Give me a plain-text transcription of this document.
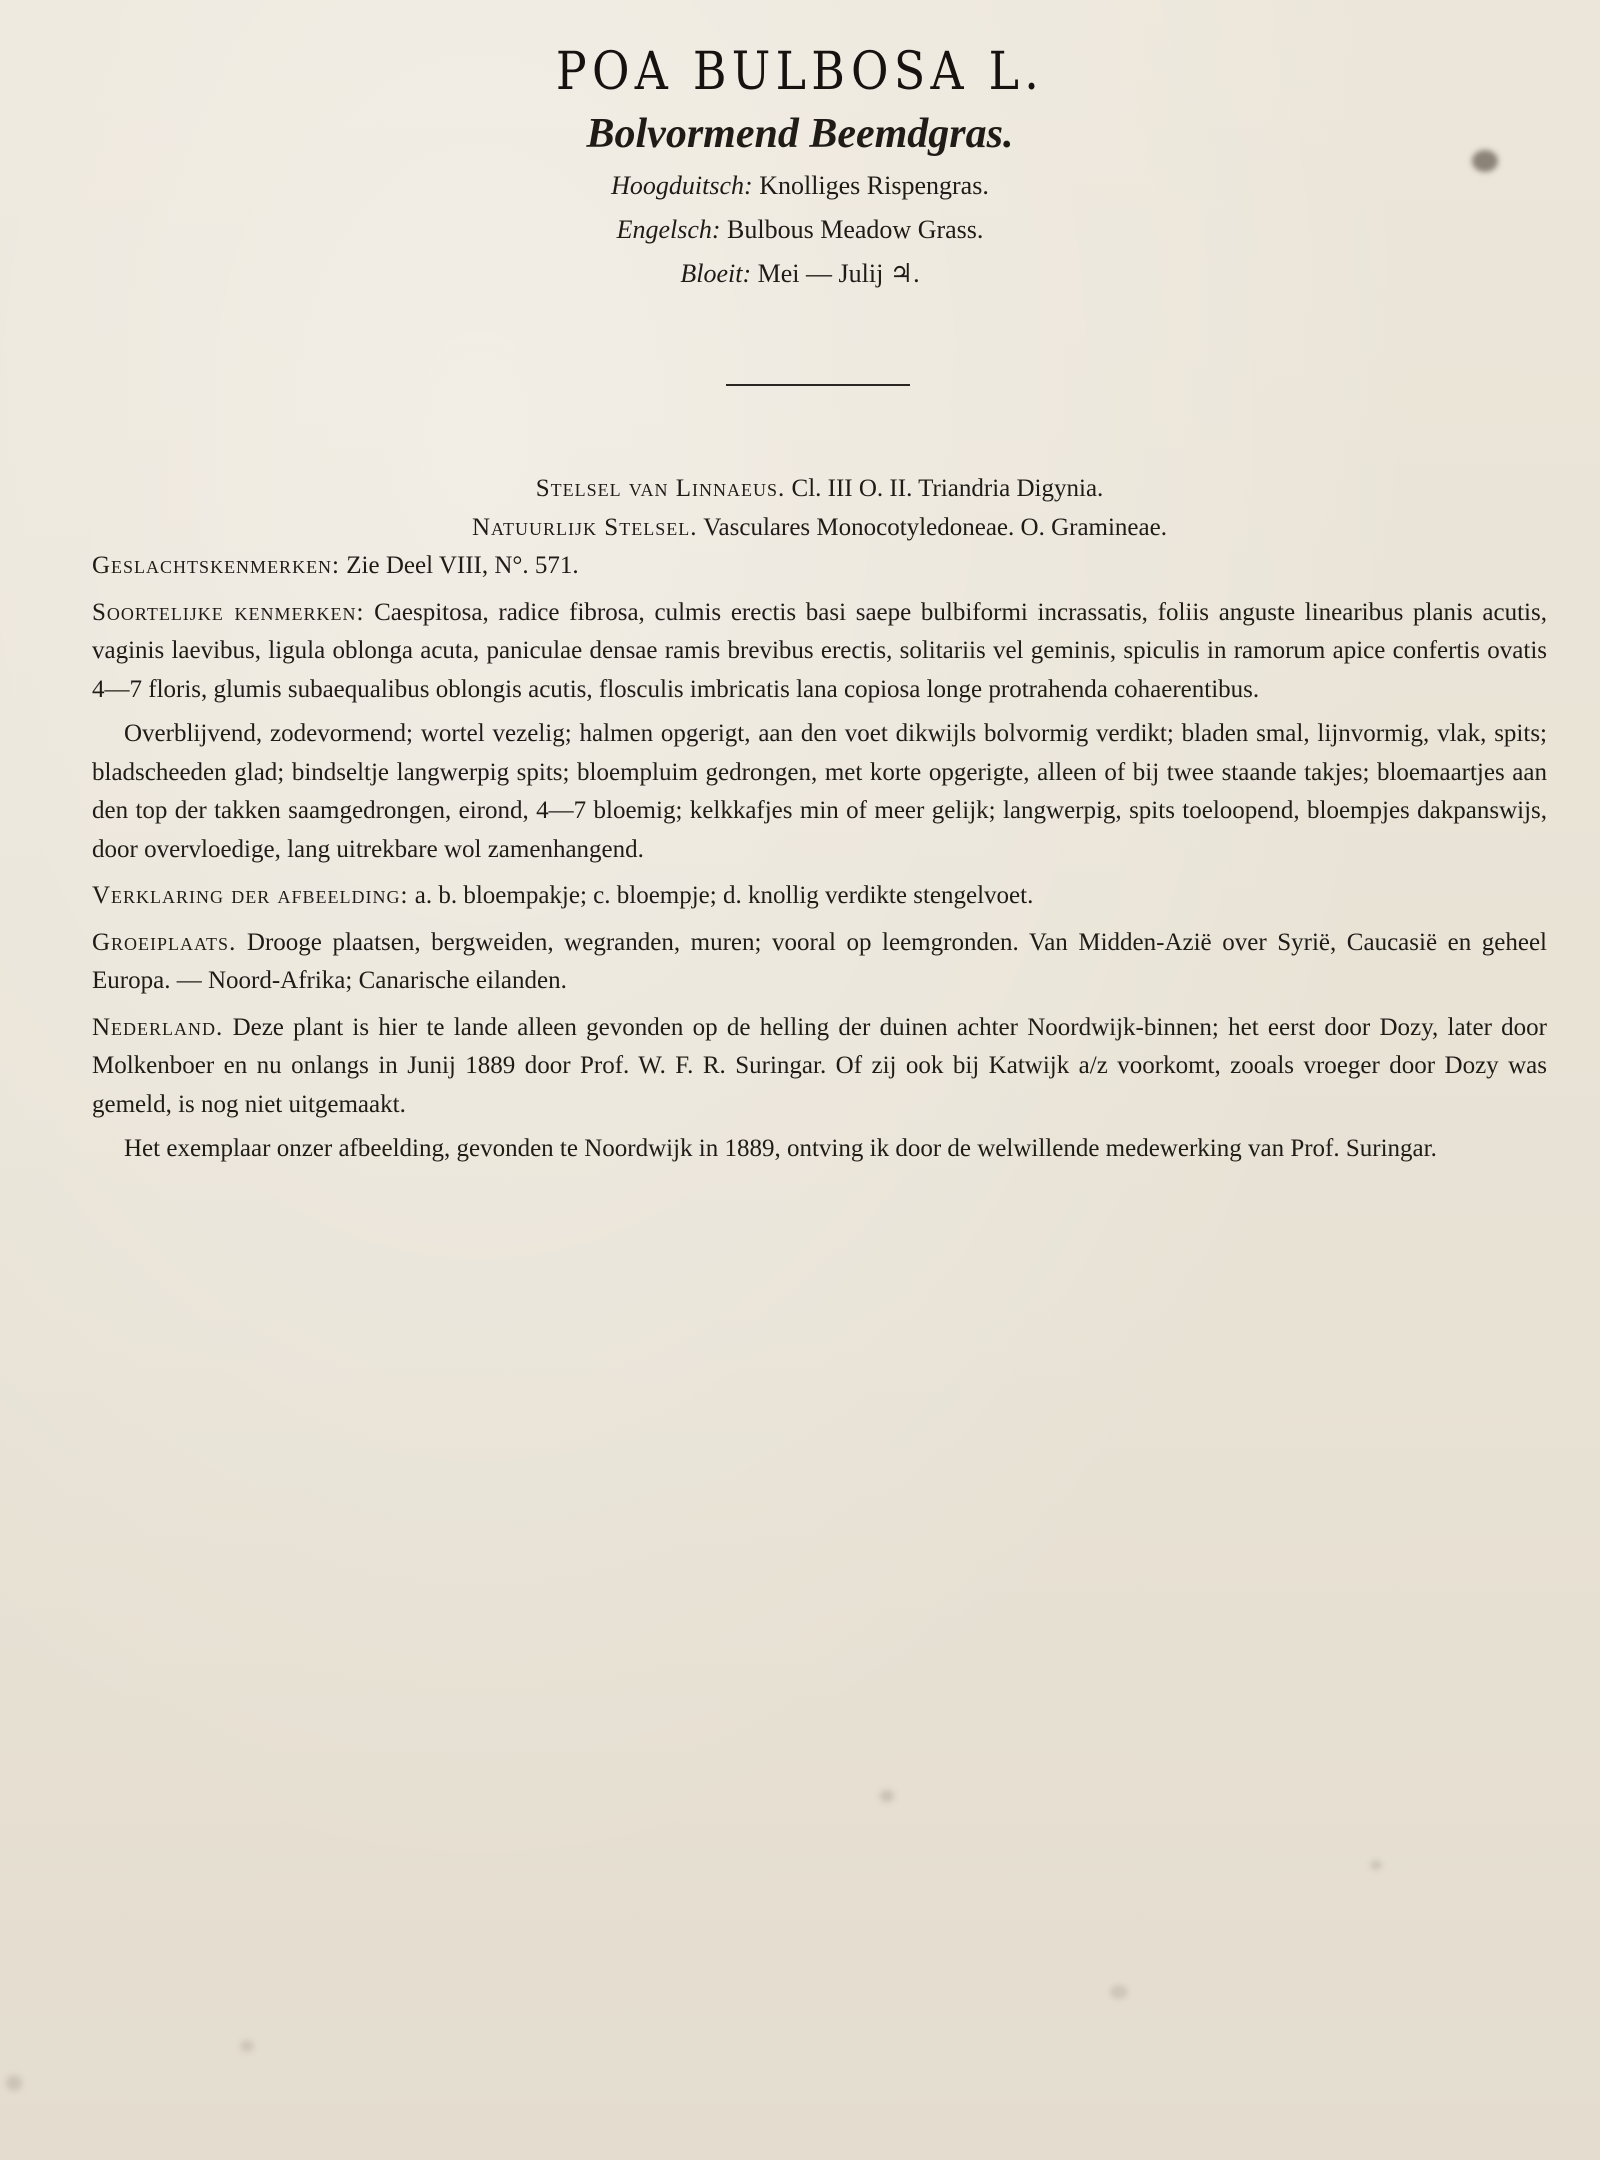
POA BULBOSA L.

Bolvormend Beemdgras.

Hoogduitsch: Knolliges Rispengras.

Engelsch: Bulbous Meadow Grass.

Bloeit: Mei — Julij ♃.

Stelsel van Linnaeus. Cl. III O. II. Triandria Digynia.

Natuurlijk Stelsel. Vasculares Monocotyledoneae. O. Gramineae.

Geslachtskenmerken: Zie Deel VIII, N°. 571.

Soortelijke kenmerken: Caespitosa, radice fibrosa, culmis erectis basi saepe bulbiformi incrassatis, foliis anguste linearibus planis acutis, vaginis laevibus, ligula oblonga acuta, paniculae densae ramis brevibus erectis, solitariis vel geminis, spiculis in ramorum apice confertis ovatis 4—7 floris, glumis subaequalibus oblongis acutis, flosculis imbricatis lana copiosa longe protrahenda cohaerentibus.

Overblijvend, zodevormend; wortel vezelig; halmen opgerigt, aan den voet dikwijls bolvormig verdikt; bladen smal, lijnvormig, vlak, spits; bladscheeden glad; bindseltje langwerpig spits; bloempluim gedrongen, met korte opgerigte, alleen of bij twee staande takjes; bloemaartjes aan den top der takken saamgedrongen, eirond, 4—7 bloemig; kelkkafjes min of meer gelijk; langwerpig, spits toeloopend, bloempjes dakpanswijs, door overvloedige, lang uitrekbare wol zamenhangend.

Verklaring der afbeelding: a. b. bloempakje; c. bloempje; d. knollig verdikte stengelvoet.

Groeiplaats. Drooge plaatsen, bergweiden, wegranden, muren; vooral op leemgronden. Van Midden-Azië over Syrië, Caucasië en geheel Europa. — Noord-Afrika; Canarische eilanden.

Nederland. Deze plant is hier te lande alleen gevonden op de helling der duinen achter Noordwijk-binnen; het eerst door Dozy, later door Molkenboer en nu onlangs in Junij 1889 door Prof. W. F. R. Suringar. Of zij ook bij Katwijk a/z voorkomt, zooals vroeger door Dozy was gemeld, is nog niet uitgemaakt.

Het exemplaar onzer afbeelding, gevonden te Noordwijk in 1889, ontving ik door de welwillende medewerking van Prof. Suringar.
